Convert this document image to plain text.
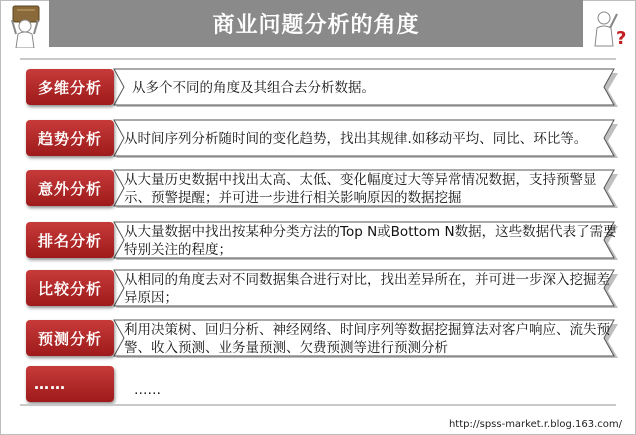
商业问题分析的角度
?
多维分析	从多个不同的角度及其组合去分析数据。
趋势分析	从时间序列分析随时间的变化趋势，找出其规律.如移动平均、同比、环比等。
意外分析	从大量历史数据中找出太高、太低、变化幅度过大等异常情况数据，支持预警显示、预警提醒；并可进一步进行相关影响原因的数据挖掘
排名分析	从大量数据中找出按某种分类方法的Top N或Bottom N数据，这些数据代表了需要特别关注的程度；
比较分析	从相同的角度去对不同数据集合进行对比，找出差异所在，并可进一步深入挖掘差异原因；
预测分析	利用决策树、回归分析、神经网络、时间序列等数据挖掘算法对客户响应、流失预警、收入预测、业务量预测、欠费预测等进行预测分析
……	……
http://spss-market.r.blog.163.com/
